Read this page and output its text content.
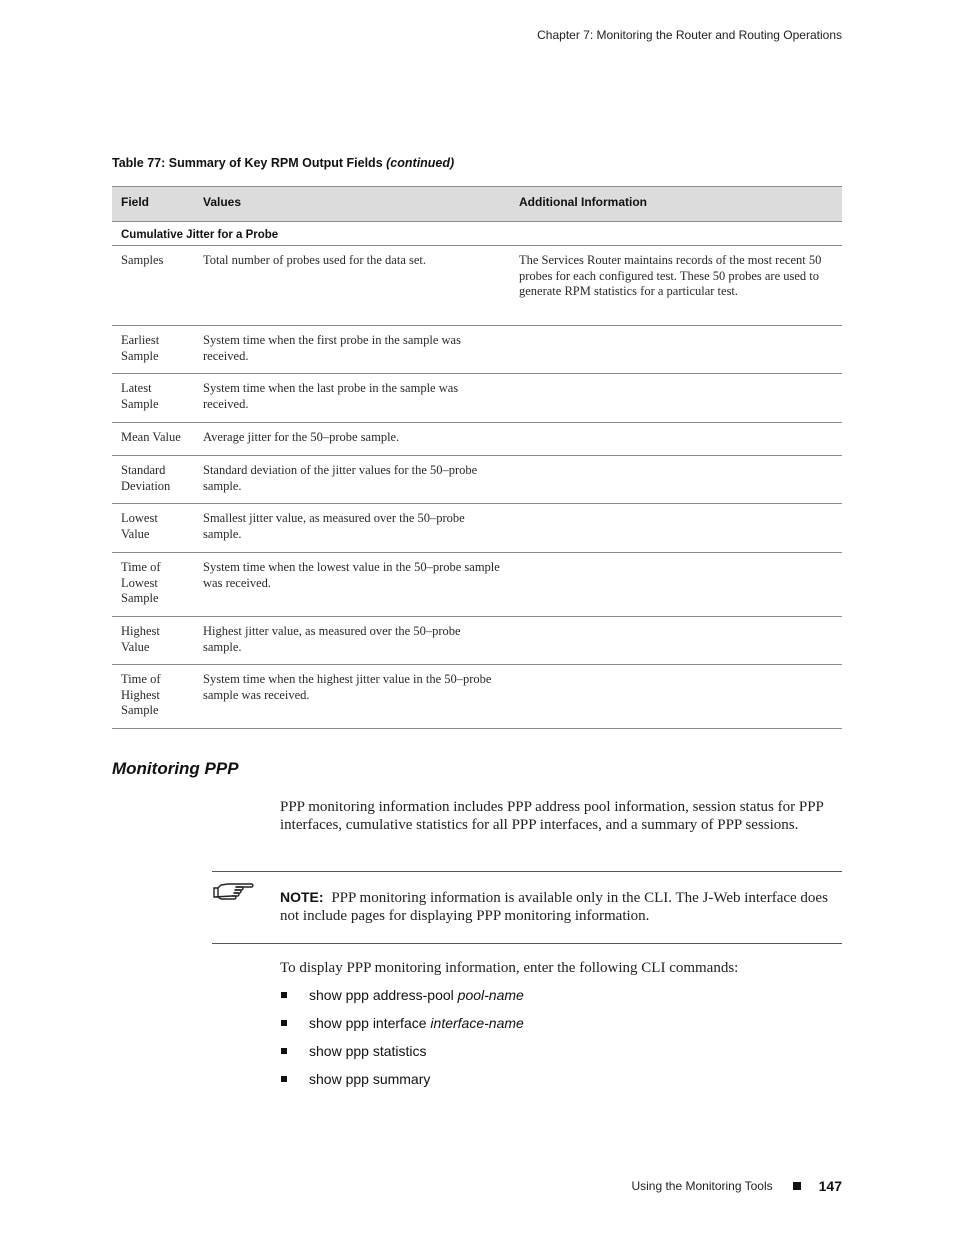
Chapter 7: Monitoring the Router and Routing Operations
Table 77: Summary of Key RPM Output Fields (continued)
Field	Values	Additional Information
Cumulative Jitter for a Probe		
Samples	Total number of probes used for the data set.	The Services Router maintains records of the most recent 50 probes for each configured test. These 50 probes are used to generate RPM statistics for a particular test.
Earliest Sample	System time when the first probe in the sample was received.	
Latest Sample	System time when the last probe in the sample was received.	
Mean Value	Average jitter for the 50–probe sample.	
Standard Deviation	Standard deviation of the jitter values for the 50–probe sample.	
Lowest Value	Smallest jitter value, as measured over the 50–probe sample.	
Time of Lowest Sample	System time when the lowest value in the 50–probe sample was received.	
Highest Value	Highest jitter value, as measured over the 50–probe sample.	
Time of Highest Sample	System time when the highest jitter value in the 50–probe sample was received.	
Monitoring PPP

PPP monitoring information includes PPP address pool information, session status for PPP interfaces, cumulative statistics for all PPP interfaces, and a summary of PPP sessions.

NOTE: PPP monitoring information is available only in the CLI. The J-Web interface does not include pages for displaying PPP monitoring information.

To display PPP monitoring information, enter the following CLI commands:

show ppp address-pool pool-name
show ppp interface interface-name
show ppp statistics
show ppp summary
Using the Monitoring Tools	147
